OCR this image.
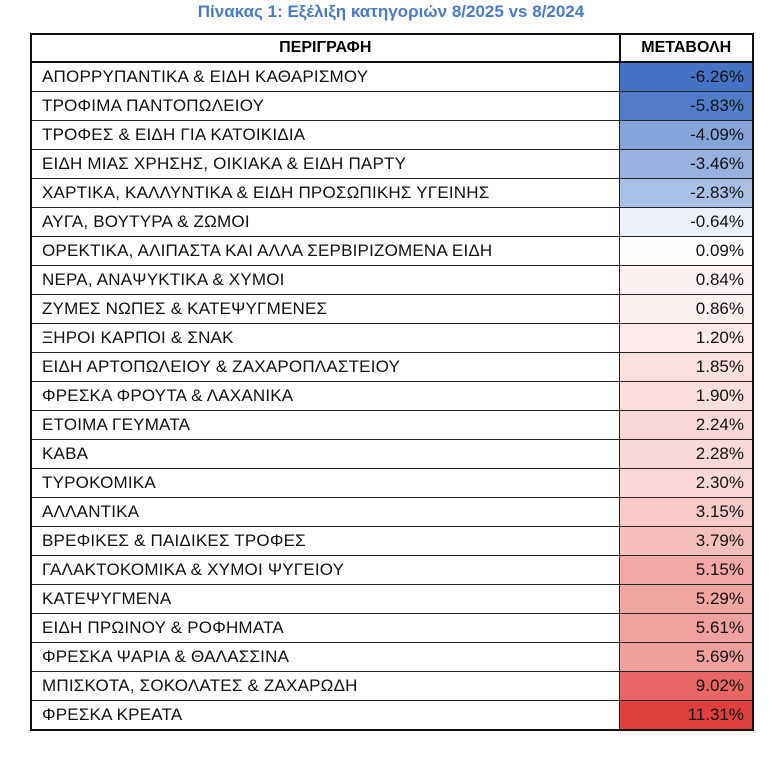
Πίνακας 1: Εξέλιξη κατηγοριών 8/2025 vs 8/2024
ΠΕΡΙΓΡΑΦΗ	ΜΕΤΑΒΟΛΗ
ΑΠΟΡΡΥΠΑΝΤΙΚΑ & ΕΙΔΗ ΚΑΘΑΡΙΣΜΟΥ	-6.26%
ΤΡΟΦΙΜΑ ΠΑΝΤΟΠΩΛΕΙΟΥ	-5.83%
ΤΡΟΦΕΣ & ΕΙΔΗ ΓΙΑ ΚΑΤΟΙΚΙΔΙΑ	-4.09%
ΕΙΔΗ ΜΙΑΣ ΧΡΗΣΗΣ, ΟΙΚΙΑΚΑ & ΕΙΔΗ ΠΑΡΤΥ	-3.46%
ΧΑΡΤΙΚΑ, ΚΑΛΛΥΝΤΙΚΑ & ΕΙΔΗ ΠΡΟΣΩΠΙΚΗΣ ΥΓΕΙΝΗΣ	-2.83%
ΑΥΓΑ, ΒΟΥΤΥΡΑ & ΖΩΜΟΙ	-0.64%
ΟΡΕΚΤΙΚΑ, ΑΛΙΠΑΣΤΑ ΚΑΙ ΑΛΛΑ ΣΕΡΒΙΡΙΖΟΜΕΝΑ ΕΙΔΗ	0.09%
ΝΕΡΑ, ΑΝΑΨΥΚΤΙΚΑ & ΧΥΜΟΙ	0.84%
ΖΥΜΕΣ ΝΩΠΕΣ & ΚΑΤΕΨΥΓΜΕΝΕΣ	0.86%
ΞΗΡΟΙ ΚΑΡΠΟΙ & ΣΝΑΚ	1.20%
ΕΙΔΗ ΑΡΤΟΠΩΛΕΙΟΥ & ΖΑΧΑΡΟΠΛΑΣΤΕΙΟΥ	1.85%
ΦΡΕΣΚΑ ΦΡΟΥΤΑ & ΛΑΧΑΝΙΚΑ	1.90%
ΕΤΟΙΜΑ ΓΕΥΜΑΤΑ	2.24%
ΚΑΒΑ	2.28%
ΤΥΡΟΚΟΜΙΚΑ	2.30%
ΑΛΛΑΝΤΙΚΑ	3.15%
ΒΡΕΦΙΚΕΣ & ΠΑΙΔΙΚΕΣ ΤΡΟΦΕΣ	3.79%
ΓΑΛΑΚΤΟΚΟΜΙΚΑ & ΧΥΜΟΙ ΨΥΓΕΙΟΥ	5.15%
ΚΑΤΕΨΥΓΜΕΝΑ	5.29%
ΕΙΔΗ ΠΡΩΙΝΟΥ & ΡΟΦΗΜΑΤΑ	5.61%
ΦΡΕΣΚΑ ΨΑΡΙΑ & ΘΑΛΑΣΣΙΝΑ	5.69%
ΜΠΙΣΚΟΤΑ, ΣΟΚΟΛΑΤΕΣ & ΖΑΧΑΡΩΔΗ	9.02%
ΦΡΕΣΚΑ ΚΡΕΑΤΑ	11.31%
